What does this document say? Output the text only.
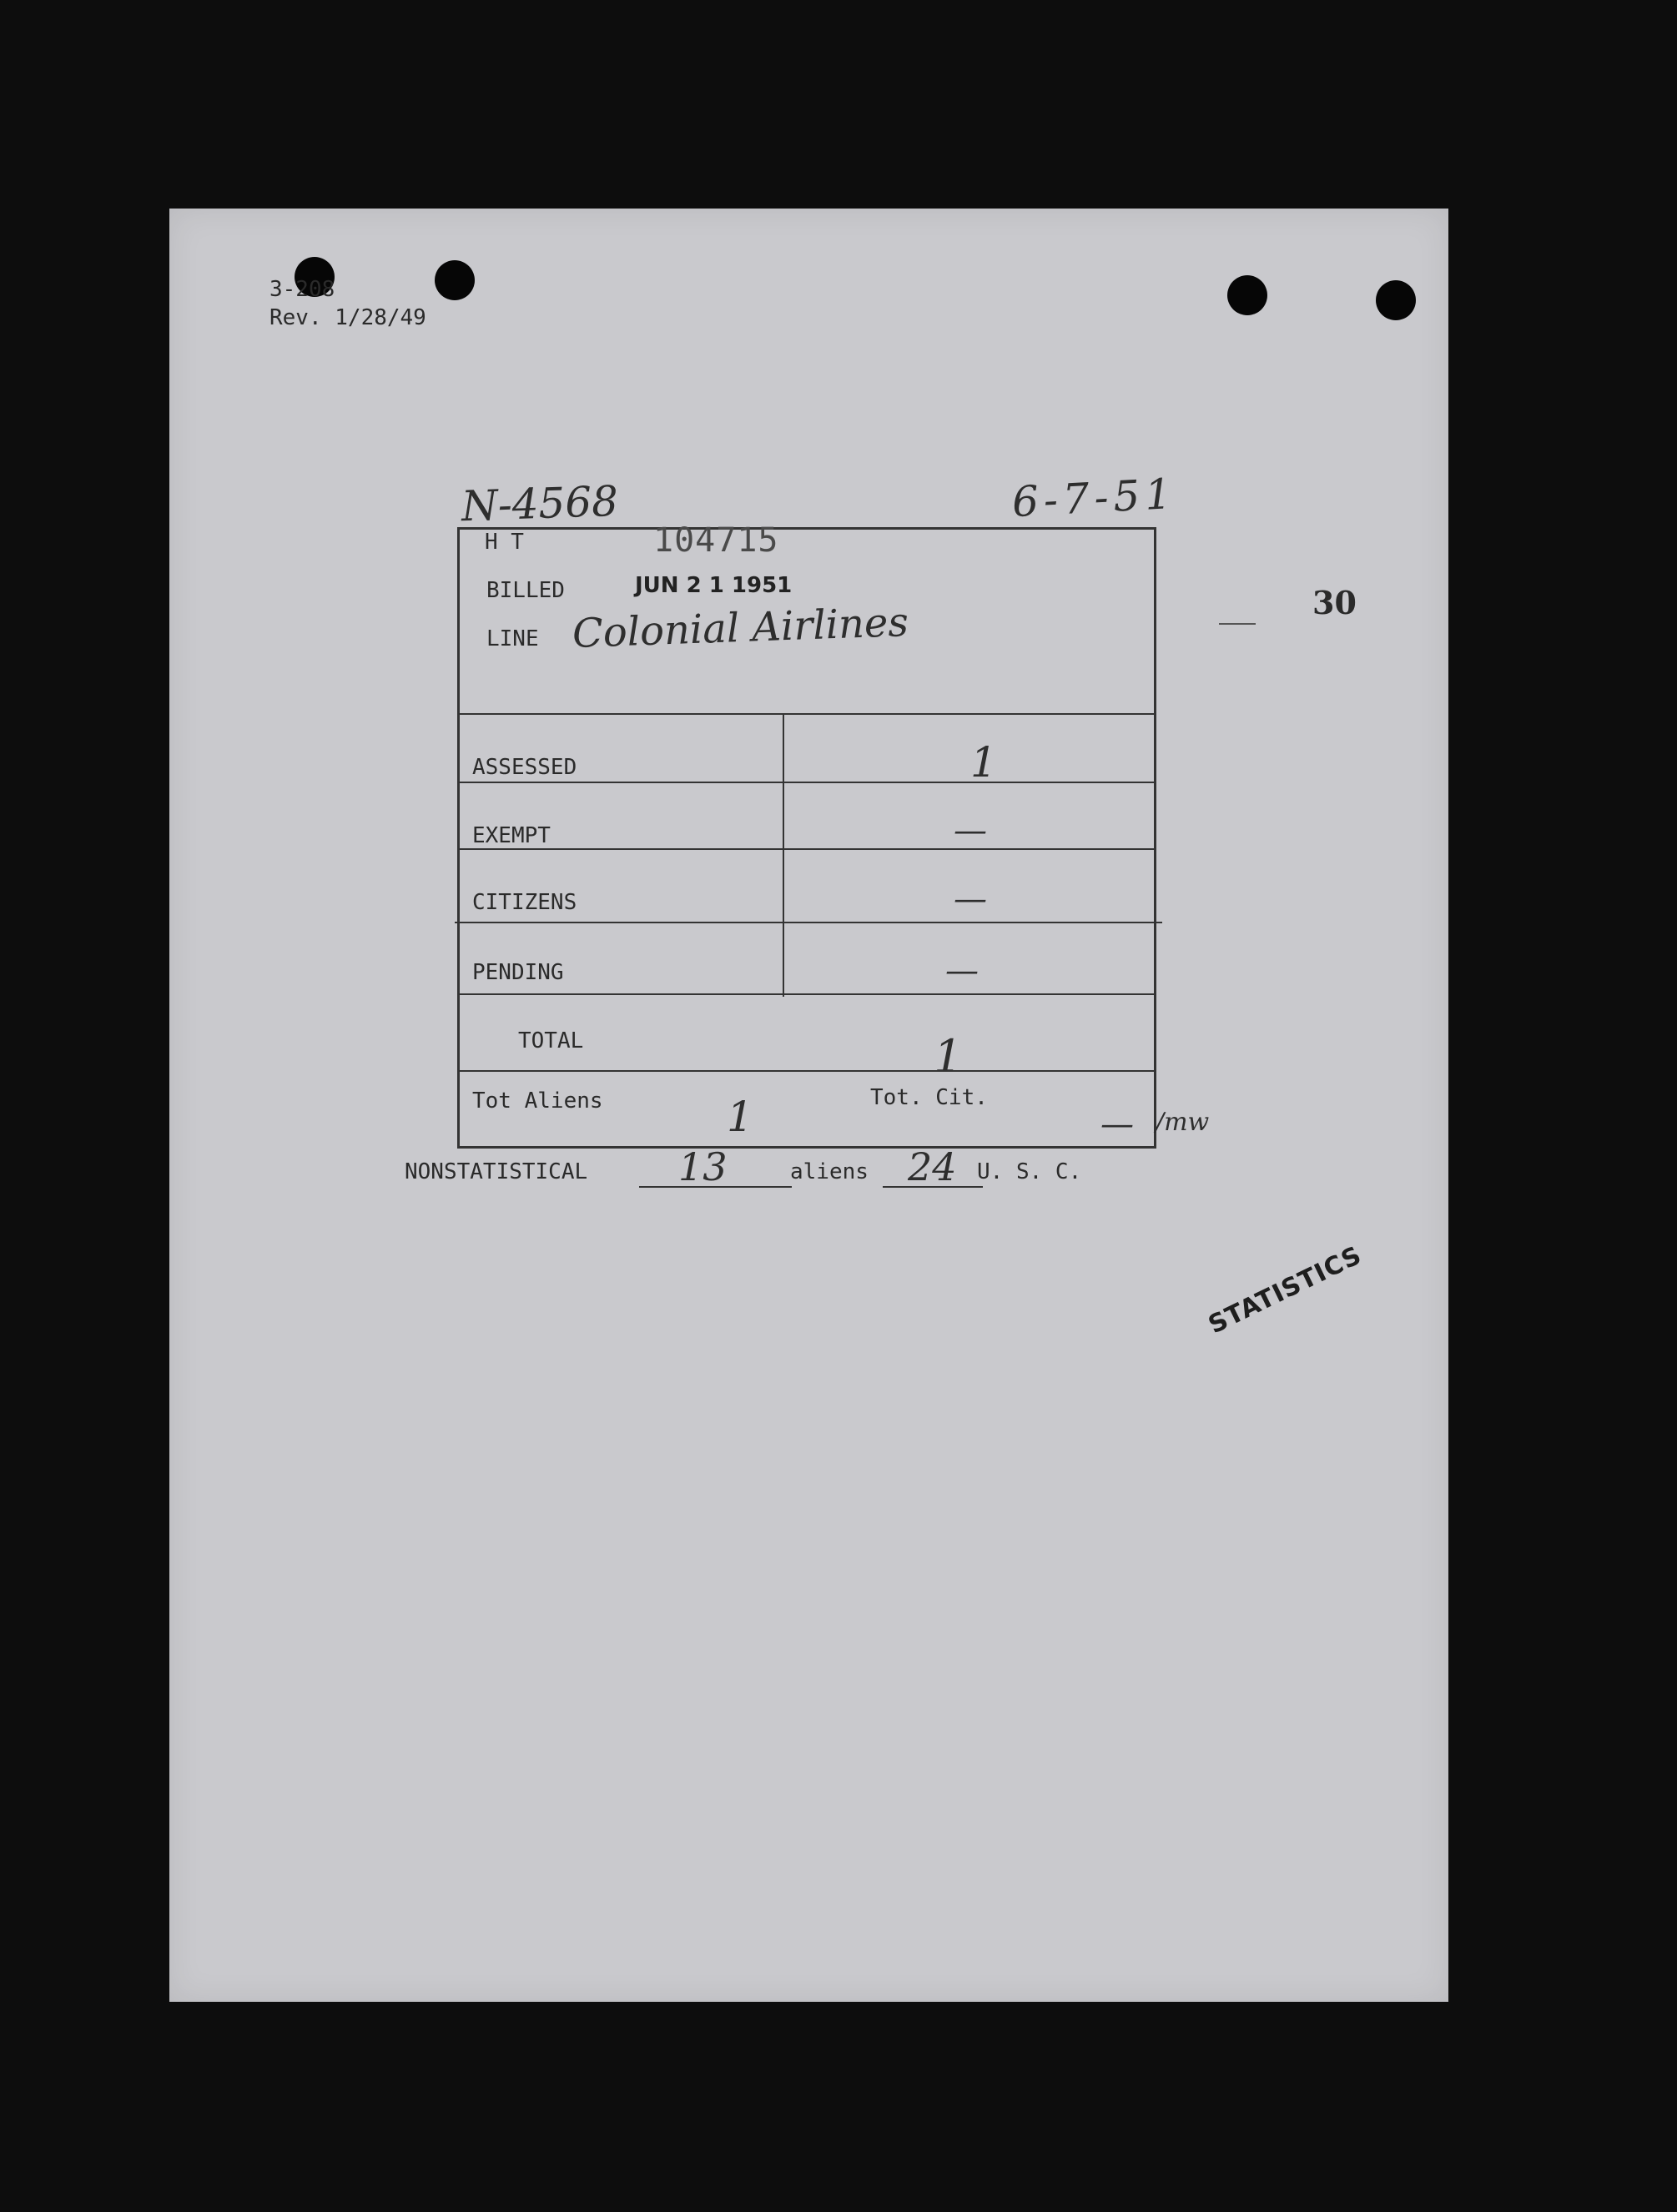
3-208
Rev. 1/28/49
N-4568	6-7-51
30
H T	104715
BILLED	JUN 2 1 1951
LINE Colonial Airlines
ASSESSED	1
EXEMPT	—
CITIZENS	—
PENDING	—
TOTAL	1
Tot Aliens	1	Tot. Cit.
— /mw
NONSTATISTICAL 13	aliens 24 U. S. C.
STATISTICS
